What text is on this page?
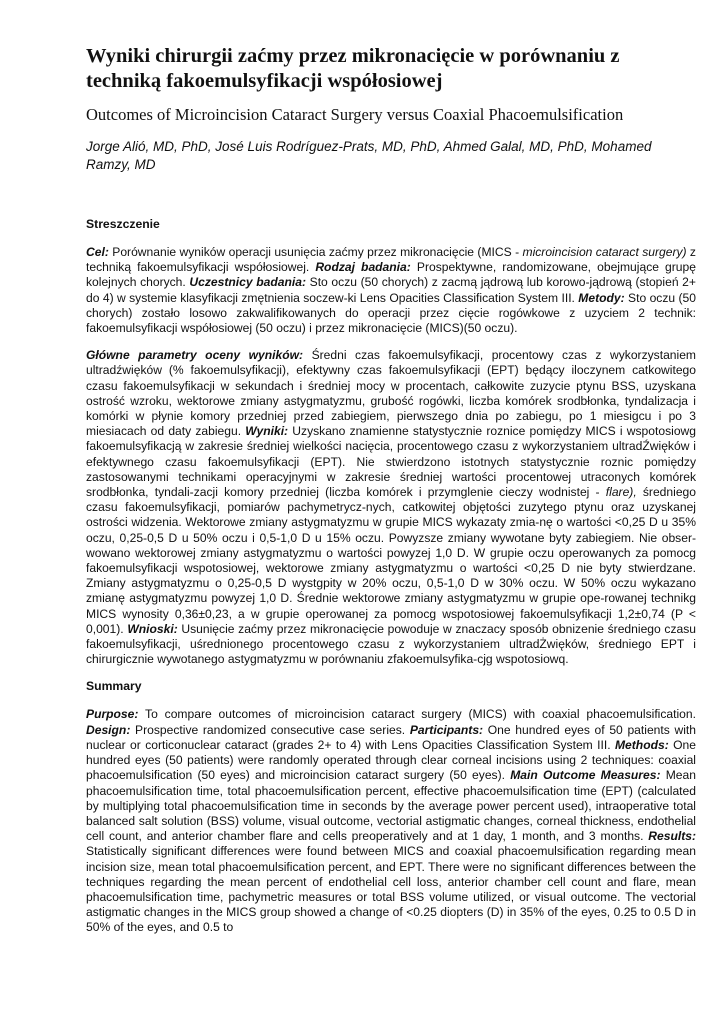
Wyniki chirurgii zaćmy przez mikronacięcie w porównaniu z techniką fakoemulsyfikacji współosiowej
Outcomes of Microincision Cataract Surgery versus Coaxial Phacoemulsification

Jorge Alió, MD, PhD, José Luis Rodríguez-Prats, MD, PhD, Ahmed Galal, MD, PhD, Mohamed Ramzy, MD

Streszczenie

Cel: Porównanie wyników operacji usunięcia zaćmy przez mikronacięcie (MICS - microincision cataract surgery) z techniką fakoemulsyfikacji współosiowej. Rodzaj badania: Prospektywne, randomizowane, obejmujące grupę kolejnych chorych. Uczestnicy badania: Sto oczu (50 chorych) z zacmą jądrową lub korowo-jądrową (stopień 2+ do 4) w systemie klasyfikacji zmętnienia soczew-ki Lens Opacities Classification System III. Metody: Sto oczu (50 chorych) zostało losowo zakwalifikowanych do operacji przez cięcie rogówkowe z uzyciem 2 technik: fakoemulsyfikacji współosiowej (50 oczu) i przez mikronacięcie (MICS)(50 oczu).

Główne parametry oceny wyników: Średni czas fakoemulsyfikacji, procentowy czas z wykorzystaniem ultradźwięków (% fakoemulsyfikacji), efektywny czas fakoemulsyfikacji (EPT) będący iloczynem catkowitego czasu fakoemulsyfikacji w sekundach i średniej mocy w procentach, całkowite zuzycie ptynu BSS, uzyskana ostrość wzroku, wektorowe zmiany astygmatyzmu, grubość rogówki, liczba komórek srodbłonka, tyndalizacja i komórki w płynie komory przedniej przed zabiegiem, pierwszego dnia po zabiegu, po 1 miesigcu i po 3 miesiacach od daty zabiegu. Wyniki: Uzyskano znamienne statystycznie roznice pomiędzy MICS i wspotosiowg fakoemulsyfikacją w zakresie średniej wielkości nacięcia, procentowego czasu z wykorzystaniem ultradŹwięków i efektywnego czasu fakoemulsyfikacji (EPT). Nie stwierdzono istotnych statystycznie roznic pomiędzy zastosowanymi technikami operacyjnymi w zakresie średniej wartości procentowej utraconych komórek srodbłonka, tyndali-zacji komory przedniej (liczba komórek i przymglenie cieczy wodnistej - flare), średniego czasu fakoemulsyfikacji, pomiarów pachymetrycz-nych, catkowitej objętości zuzytego ptynu oraz uzyskanej ostrości widzenia. Wektorowe zmiany astygmatyzmu w grupie MICS wykazaty zmia-nę o wartości <0,25 D u 35% oczu, 0,25-0,5 D u 50% oczu i 0,5-1,0 D u 15% oczu. Powyzsze zmiany wywotane byty zabiegiem. Nie obser-wowano wektorowej zmiany astygmatyzmu o wartości powyzej 1,0 D. W grupie oczu operowanych za pomocg fakoemulsyfikacji wspotosiowej, wektorowe zmiany astygmatyzmu o wartości <0,25 D nie byty stwierdzane. Zmiany astygmatyzmu o 0,25-0,5 D wystgpity w 20% oczu, 0,5-1,0 D w 30% oczu. W 50% oczu wykazano zmianę astygmatyzmu powyzej 1,0 D. Średnie wektorowe zmiany astygmatyzmu w grupie ope-rowanej technikg MICS wynosity 0,36±0,23, a w grupie operowanej za pomocg wspotosiowej fakoemulsyfikacji 1,2±0,74 (P < 0,001). Wnioski: Usunięcie zaćmy przez mikronacięcie powoduje w znaczacy sposób obnizenie średniego czasu fakoemulsyfikacji, uśrednionego procentowego czasu z wykorzystaniem ultradŻwięków, średniego EPT i chirurgicznie wywotanego astygmatyzmu w porównaniu zfakoemulsyfika-cjg wspotosiowq.

Summary

Purpose: To compare outcomes of microincision cataract surgery (MICS) with coaxial phacoemulsification. Design: Prospective randomized consecutive case series. Participants: One hundred eyes of 50 patients with nuclear or corticonuclear cataract (grades 2+ to 4) with Lens Opacities Classification System III. Methods: One hundred eyes (50 patients) were randomly operated through clear corneal incisions using 2 techniques: coaxial phacoemulsification (50 eyes) and microincision cataract surgery (50 eyes). Main Outcome Measures: Mean phacoemulsification time, total phacoemulsification percent, effective phacoemulsification time (EPT) (calculated by multiplying total phacoemulsification time in seconds by the average power percent used), intraoperative total balanced salt solution (BSS) volume, visual outcome, vectorial astigmatic changes, corneal thickness, endothelial cell count, and anterior chamber flare and cells preoperatively and at 1 day, 1 month, and 3 months. Results: Statistically significant differences were found between MICS and coaxial phacoemulsification regarding mean incision size, mean total phacoemulsification percent, and EPT. There were no significant differences between the techniques regarding the mean percent of endothelial cell loss, anterior chamber cell count and flare, mean phacoemulsification time, pachymetric measures or total BSS volume utilized, or visual outcome. The vectorial astigmatic changes in the MICS group showed a change of <0.25 diopters (D) in 35% of the eyes, 0.25 to 0.5 D in 50% of the eyes, and 0.5 to
